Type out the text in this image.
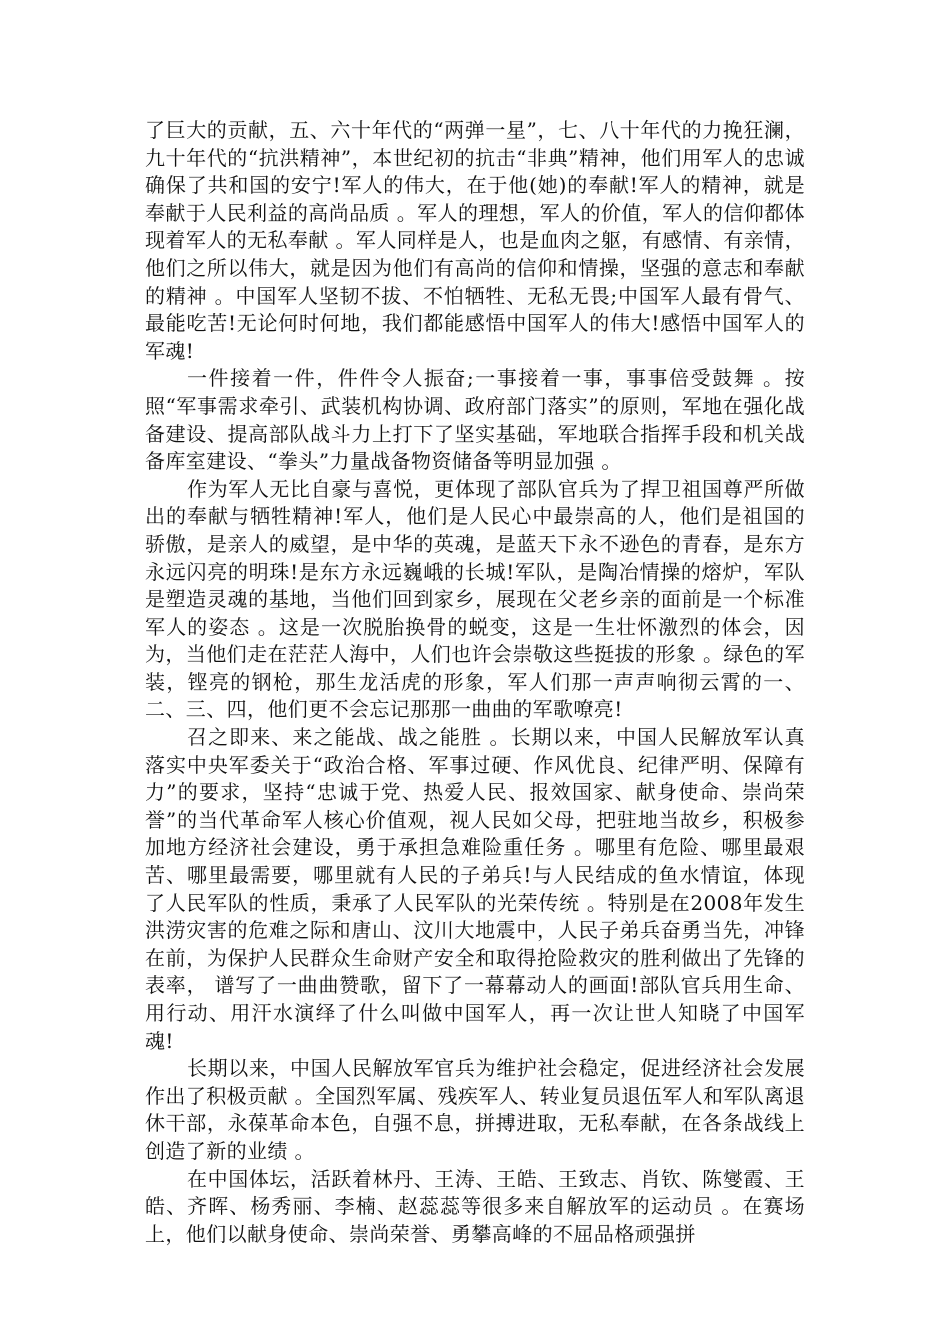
了巨大的贡献，五、六十年代的“两弹一星”，七、八十年代的力挽狂澜，九十年代的“抗洪精神”，本世纪初的抗击“非典”精神，他们用军人的忠诚确保了共和国的安宁!军人的伟大，在于他(她)的奉献!军人的精神，就是奉献于人民利益的高尚品质 。军人的理想，军人的价值，军人的信仰都体现着军人的无私奉献 。军人同样是人，也是血肉之躯，有感情、有亲情，他们之所以伟大，就是因为他们有高尚的信仰和情操，坚强的意志和奉献的精神 。中国军人坚韧不拔、不怕牺牲、无私无畏;中国军人最有骨气、最能吃苦!无论何时何地，我们都能感悟中国军人的伟大!感悟中国军人的军魂!

一件接着一件，件件令人振奋;一事接着一事，事事倍受鼓舞 。按照“军事需求牵引、武装机构协调、政府部门落实”的原则，军地在强化战备建设、提高部队战斗力上打下了坚实基础，军地联合指挥手段和机关战备库室建设、“拳头”力量战备物资储备等明显加强 。

作为军人无比自豪与喜悦，更体现了部队官兵为了捍卫祖国尊严所做出的奉献与牺牲精神!军人，他们是人民心中最崇高的人，他们是祖国的骄傲，是亲人的威望，是中华的英魂，是蓝天下永不逊色的青春，是东方永远闪亮的明珠!是东方永远巍峨的长城!军队，是陶冶情操的熔炉，军队是塑造灵魂的基地，当他们回到家乡，展现在父老乡亲的面前是一个标准军人的姿态 。这是一次脱胎换骨的蜕变，这是一生壮怀激烈的体会，因为，当他们走在茫茫人海中，人们也许会崇敬这些挺拔的形象 。绿色的军装，铿亮的钢枪，那生龙活虎的形象，军人们那一声声响彻云霄的一、二、三、四，他们更不会忘记那那一曲曲的军歌嘹亮!

召之即来、来之能战、战之能胜 。长期以来，中国人民解放军认真落实中央军委关于“政治合格、军事过硬、作风优良、纪律严明、保障有力”的要求，坚持“忠诚于党、热爱人民、报效国家、献身使命、崇尚荣誉”的当代革命军人核心价值观，视人民如父母，把驻地当故乡，积极参加地方经济社会建设，勇于承担急难险重任务 。哪里有危险、哪里最艰苦、哪里最需要，哪里就有人民的子弟兵!与人民结成的鱼水情谊，体现了人民军队的性质，秉承了人民军队的光荣传统 。特别是在2008年发生洪涝灾害的危难之际和唐山、汶川大地震中，人民子弟兵奋勇当先，冲锋在前，为保护人民群众生命财产安全和取得抢险救灾的胜利做出了先锋的表率， 谱写了一曲曲赞歌，留下了一幕幕动人的画面!部队官兵用生命、用行动、用汗水演绎了什么叫做中国军人，再一次让世人知晓了中国军魂!

长期以来，中国人民解放军官兵为维护社会稳定，促进经济社会发展作出了积极贡献 。全国烈军属、残疾军人、转业复员退伍军人和军队离退休干部，永葆革命本色，自强不息，拼搏进取，无私奉献，在各条战线上创造了新的业绩 。

在中国体坛，活跃着林丹、王涛、王皓、王致志、肖钦、陈燮霞、王皓、齐晖、杨秀丽、李楠、赵蕊蕊等很多来自解放军的运动员 。在赛场上，他们以献身使命、崇尚荣誉、勇攀高峰的不屈品格顽强拼
